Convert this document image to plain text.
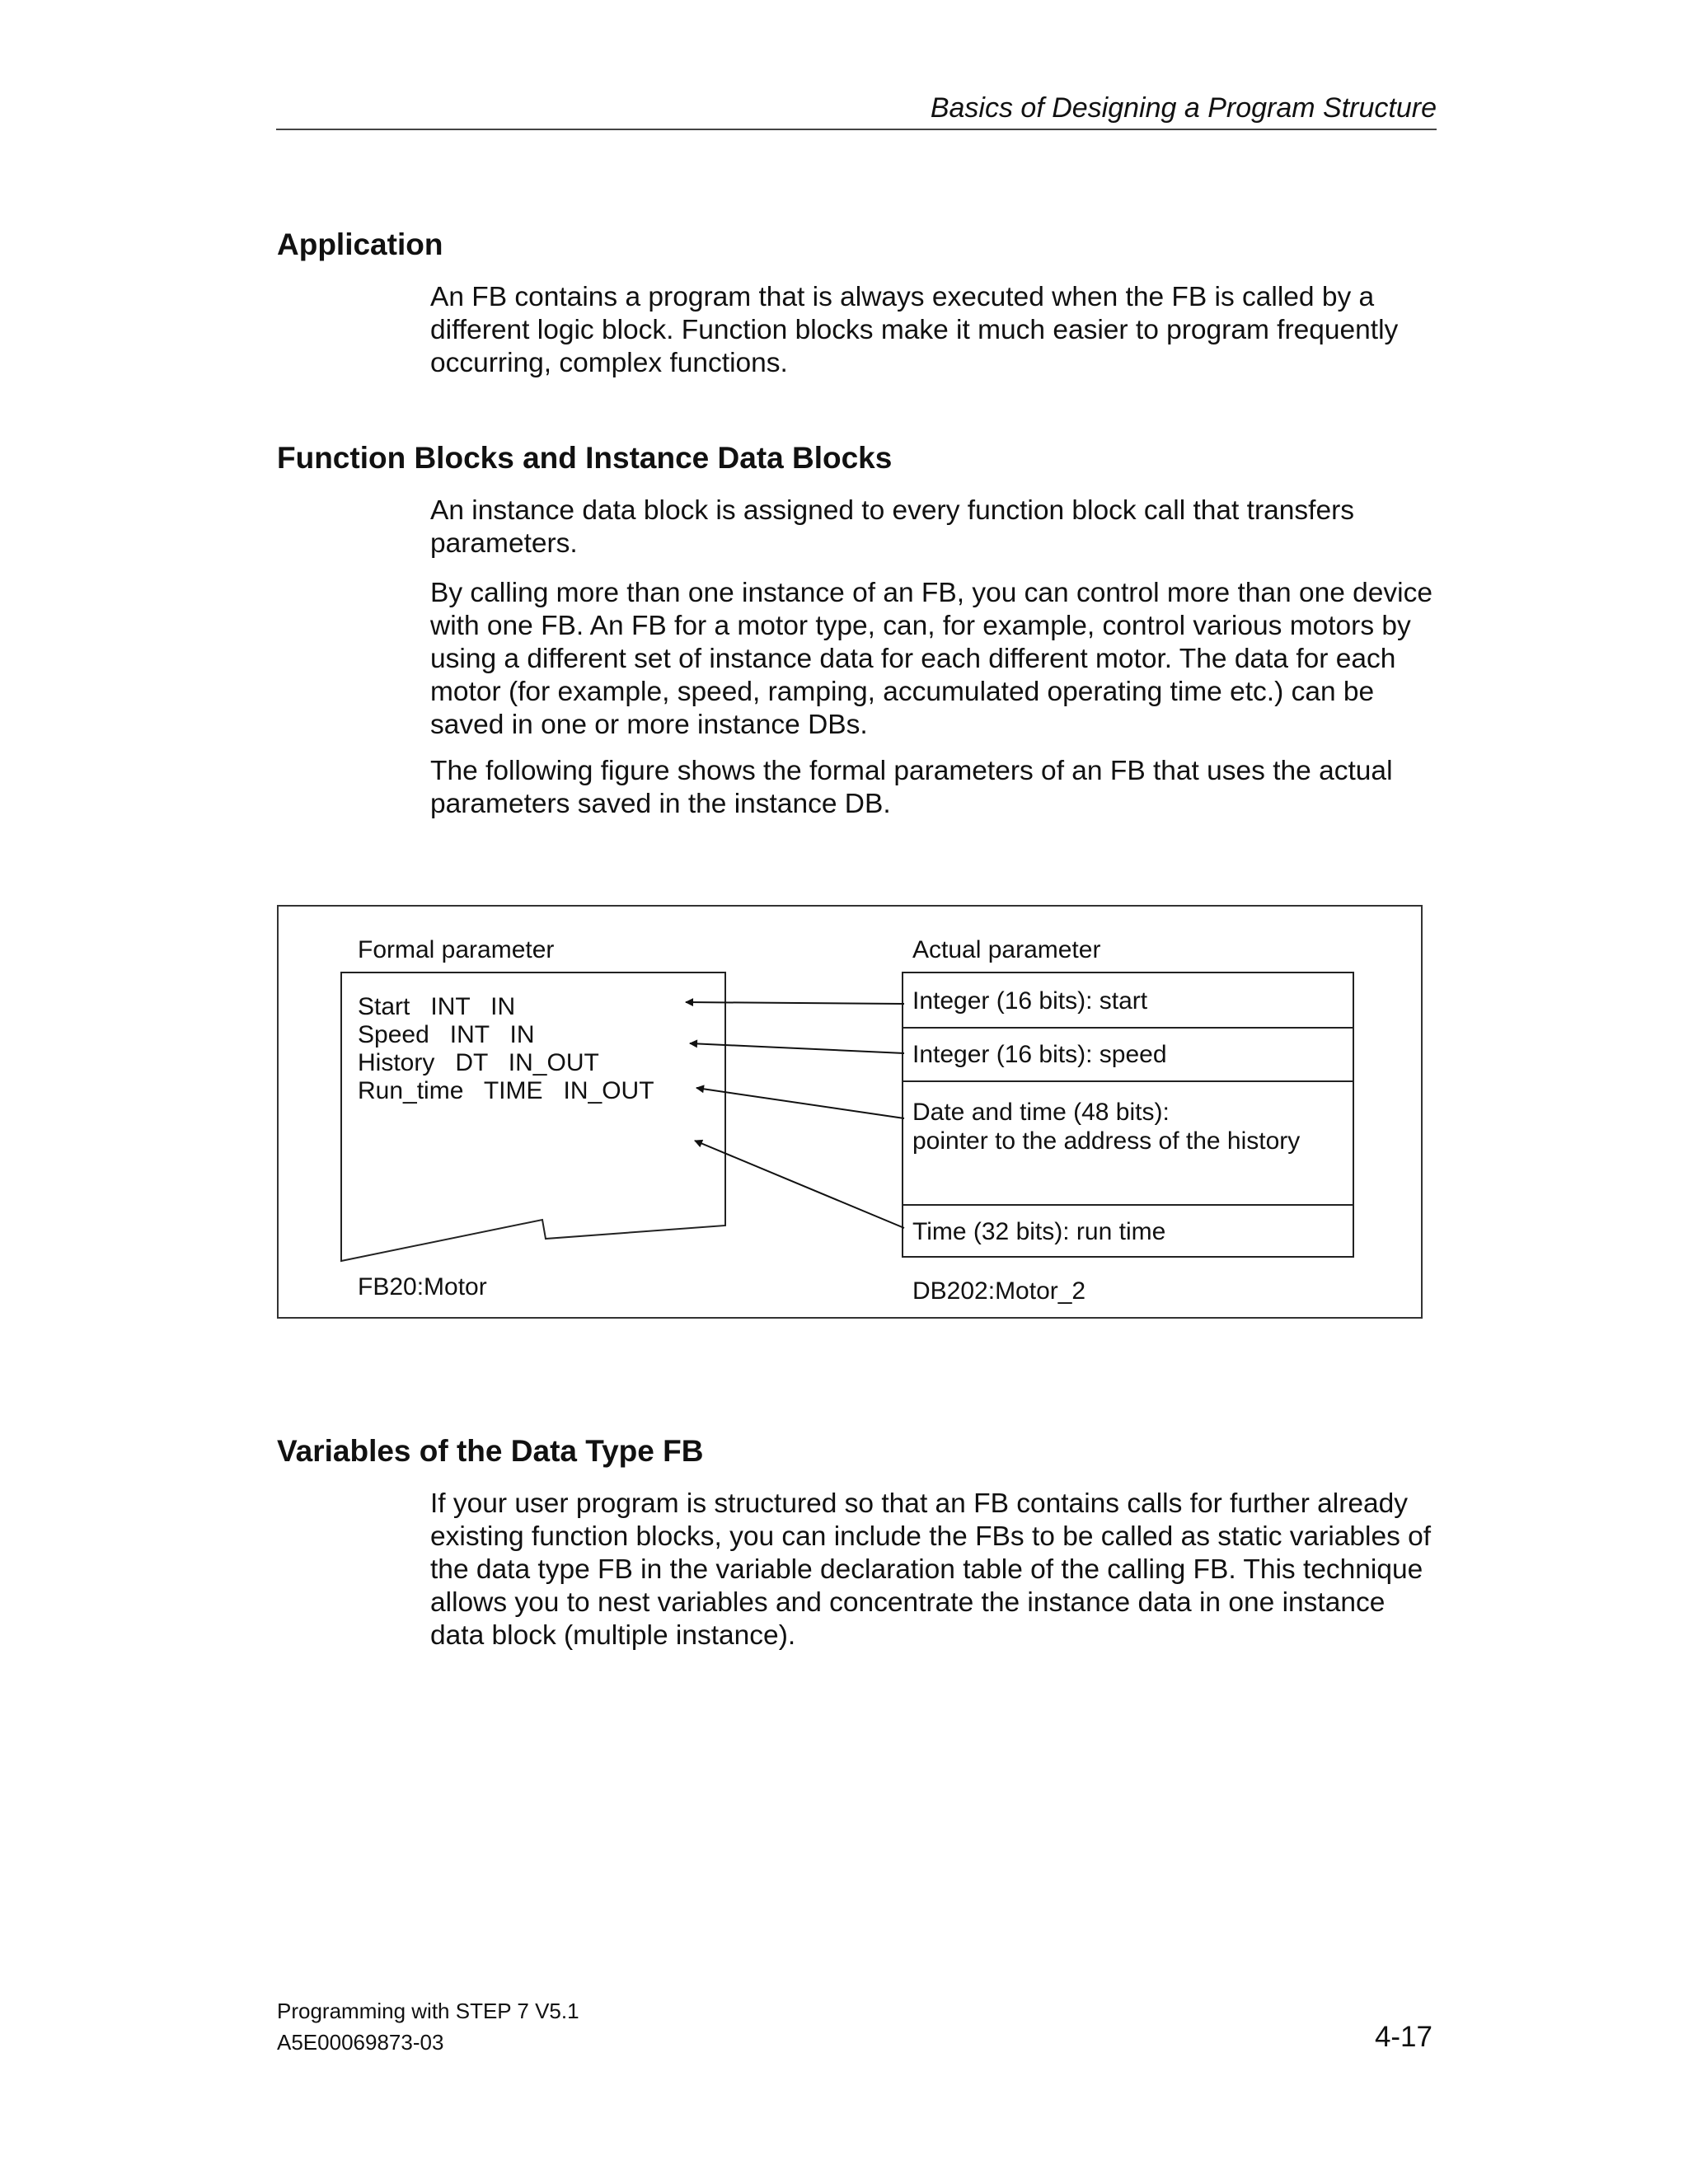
Basics of Designing a Program Structure
Application

An FB contains a program that is always executed when the FB is called by a different logic block. Function blocks make it much easier to program frequently occurring, complex functions.

Function Blocks and Instance Data Blocks

An instance data block is assigned to every function block call that transfers parameters.

By calling more than one instance of an FB, you can control more than one device with one FB. An FB for a motor type, can, for example, control various motors by using a different set of instance data for each different motor. The data for each motor (for example, speed, ramping, accumulated operating time etc.) can be saved in one or more instance DBs.

The following figure shows the formal parameters of an FB that uses the actual parameters saved in the instance DB.

Formal parameter	Actual parameter
Start   INT   IN
Speed   INT   IN
History   DT   IN_OUT
Run_time   TIME   IN_OUT
Integer (16 bits): start
Integer (16 bits): speed
Date and time (48 bits):
pointer to the address of the history
Time (32 bits): run time
FB20:Motor	DB202:Motor_2
Variables of the Data Type FB

If your user program is structured so that an FB contains calls for further already existing function blocks, you can include the FBs to be called as static variables of the data type FB in the variable declaration table of the calling FB. This technique allows you to nest variables and concentrate the instance data in one instance data block (multiple instance).

Programming with STEP 7 V5.1
A5E00069873-03	4-17
